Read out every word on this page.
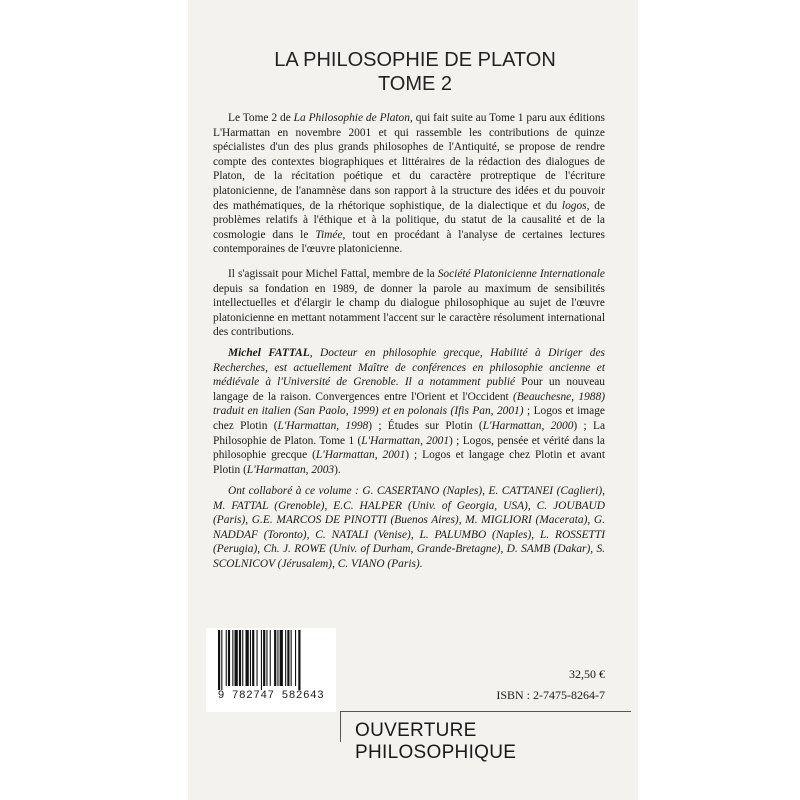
LA PHILOSOPHIE DE PLATON
TOME 2

Le Tome 2 de La Philosophie de Platon, qui fait suite au Tome 1 paru aux éditions L'Harmattan en novembre 2001 et qui rassemble les contributions de quinze spécialistes d'un des plus grands philosophes de l'Antiquité, se propose de rendre compte des contextes biographiques et littéraires de la rédaction des dialogues de Platon, de la récitation poétique et du caractère protreptique de l'écriture platonicienne, de l'anamnèse dans son rapport à la structure des idées et du pouvoir des mathématiques, de la rhétorique sophistique, de la dialectique et du logos, de problèmes relatifs à l'éthique et à la politique, du statut de la causalité et de la cosmologie dans le Timée, tout en procédant à l'analyse de certaines lectures contemporaines de l'œuvre platonicienne.

Il s'agissait pour Michel Fattal, membre de la Société Platonicienne Internationale depuis sa fondation en 1989, de donner la parole au maximum de sensibilités intellectuelles et d'élargir le champ du dialogue philosophique au sujet de l'œuvre platonicienne en mettant notamment l'accent sur le caractère résolument international des contributions.

Michel FATTAL, Docteur en philosophie grecque, Habilité à Diriger des Recherches, est actuellement Maître de conférences en philosophie ancienne et médiévale à l'Université de Grenoble. Il a notamment publié Pour un nouveau langage de la raison. Convergences entre l'Orient et l'Occident (Beauchesne, 1988) traduit en italien (San Paolo, 1999) et en polonais (Ifis Pan, 2001) ; Logos et image chez Plotin (L'Harmattan, 1998) ; Études sur Plotin (L'Harmattan, 2000) ; La Philosophie de Platon. Tome 1 (L'Harmattan, 2001) ; Logos, pensée et vérité dans la philosophie grecque (L'Harmattan, 2001) ; Logos et langage chez Plotin et avant Plotin (L'Harmattan, 2003).

Ont collaboré à ce volume : G. CASERTANO (Naples), E. CATTANEI (Caglieri), M. FATTAL (Grenoble), E.C. HALPER (Univ. of Georgia, USA), C. JOUBAUD (Paris), G.E. MARCOS DE PINOTTI (Buenos Aires), M. MIGLIORI (Macerata), G. NADDAF (Toronto), C. NATALI (Venise), L. PALUMBO (Naples), L. ROSSETTI (Perugia), Ch. J. ROWE (Univ. of Durham, Grande-Bretagne), D. SAMB (Dakar), S. SCOLNICOV (Jérusalem), C. VIANO (Paris).

9 782747 582643
32,50 €
ISBN : 2-7475-8264-7
OUVERTURE PHILOSOPHIQUE
